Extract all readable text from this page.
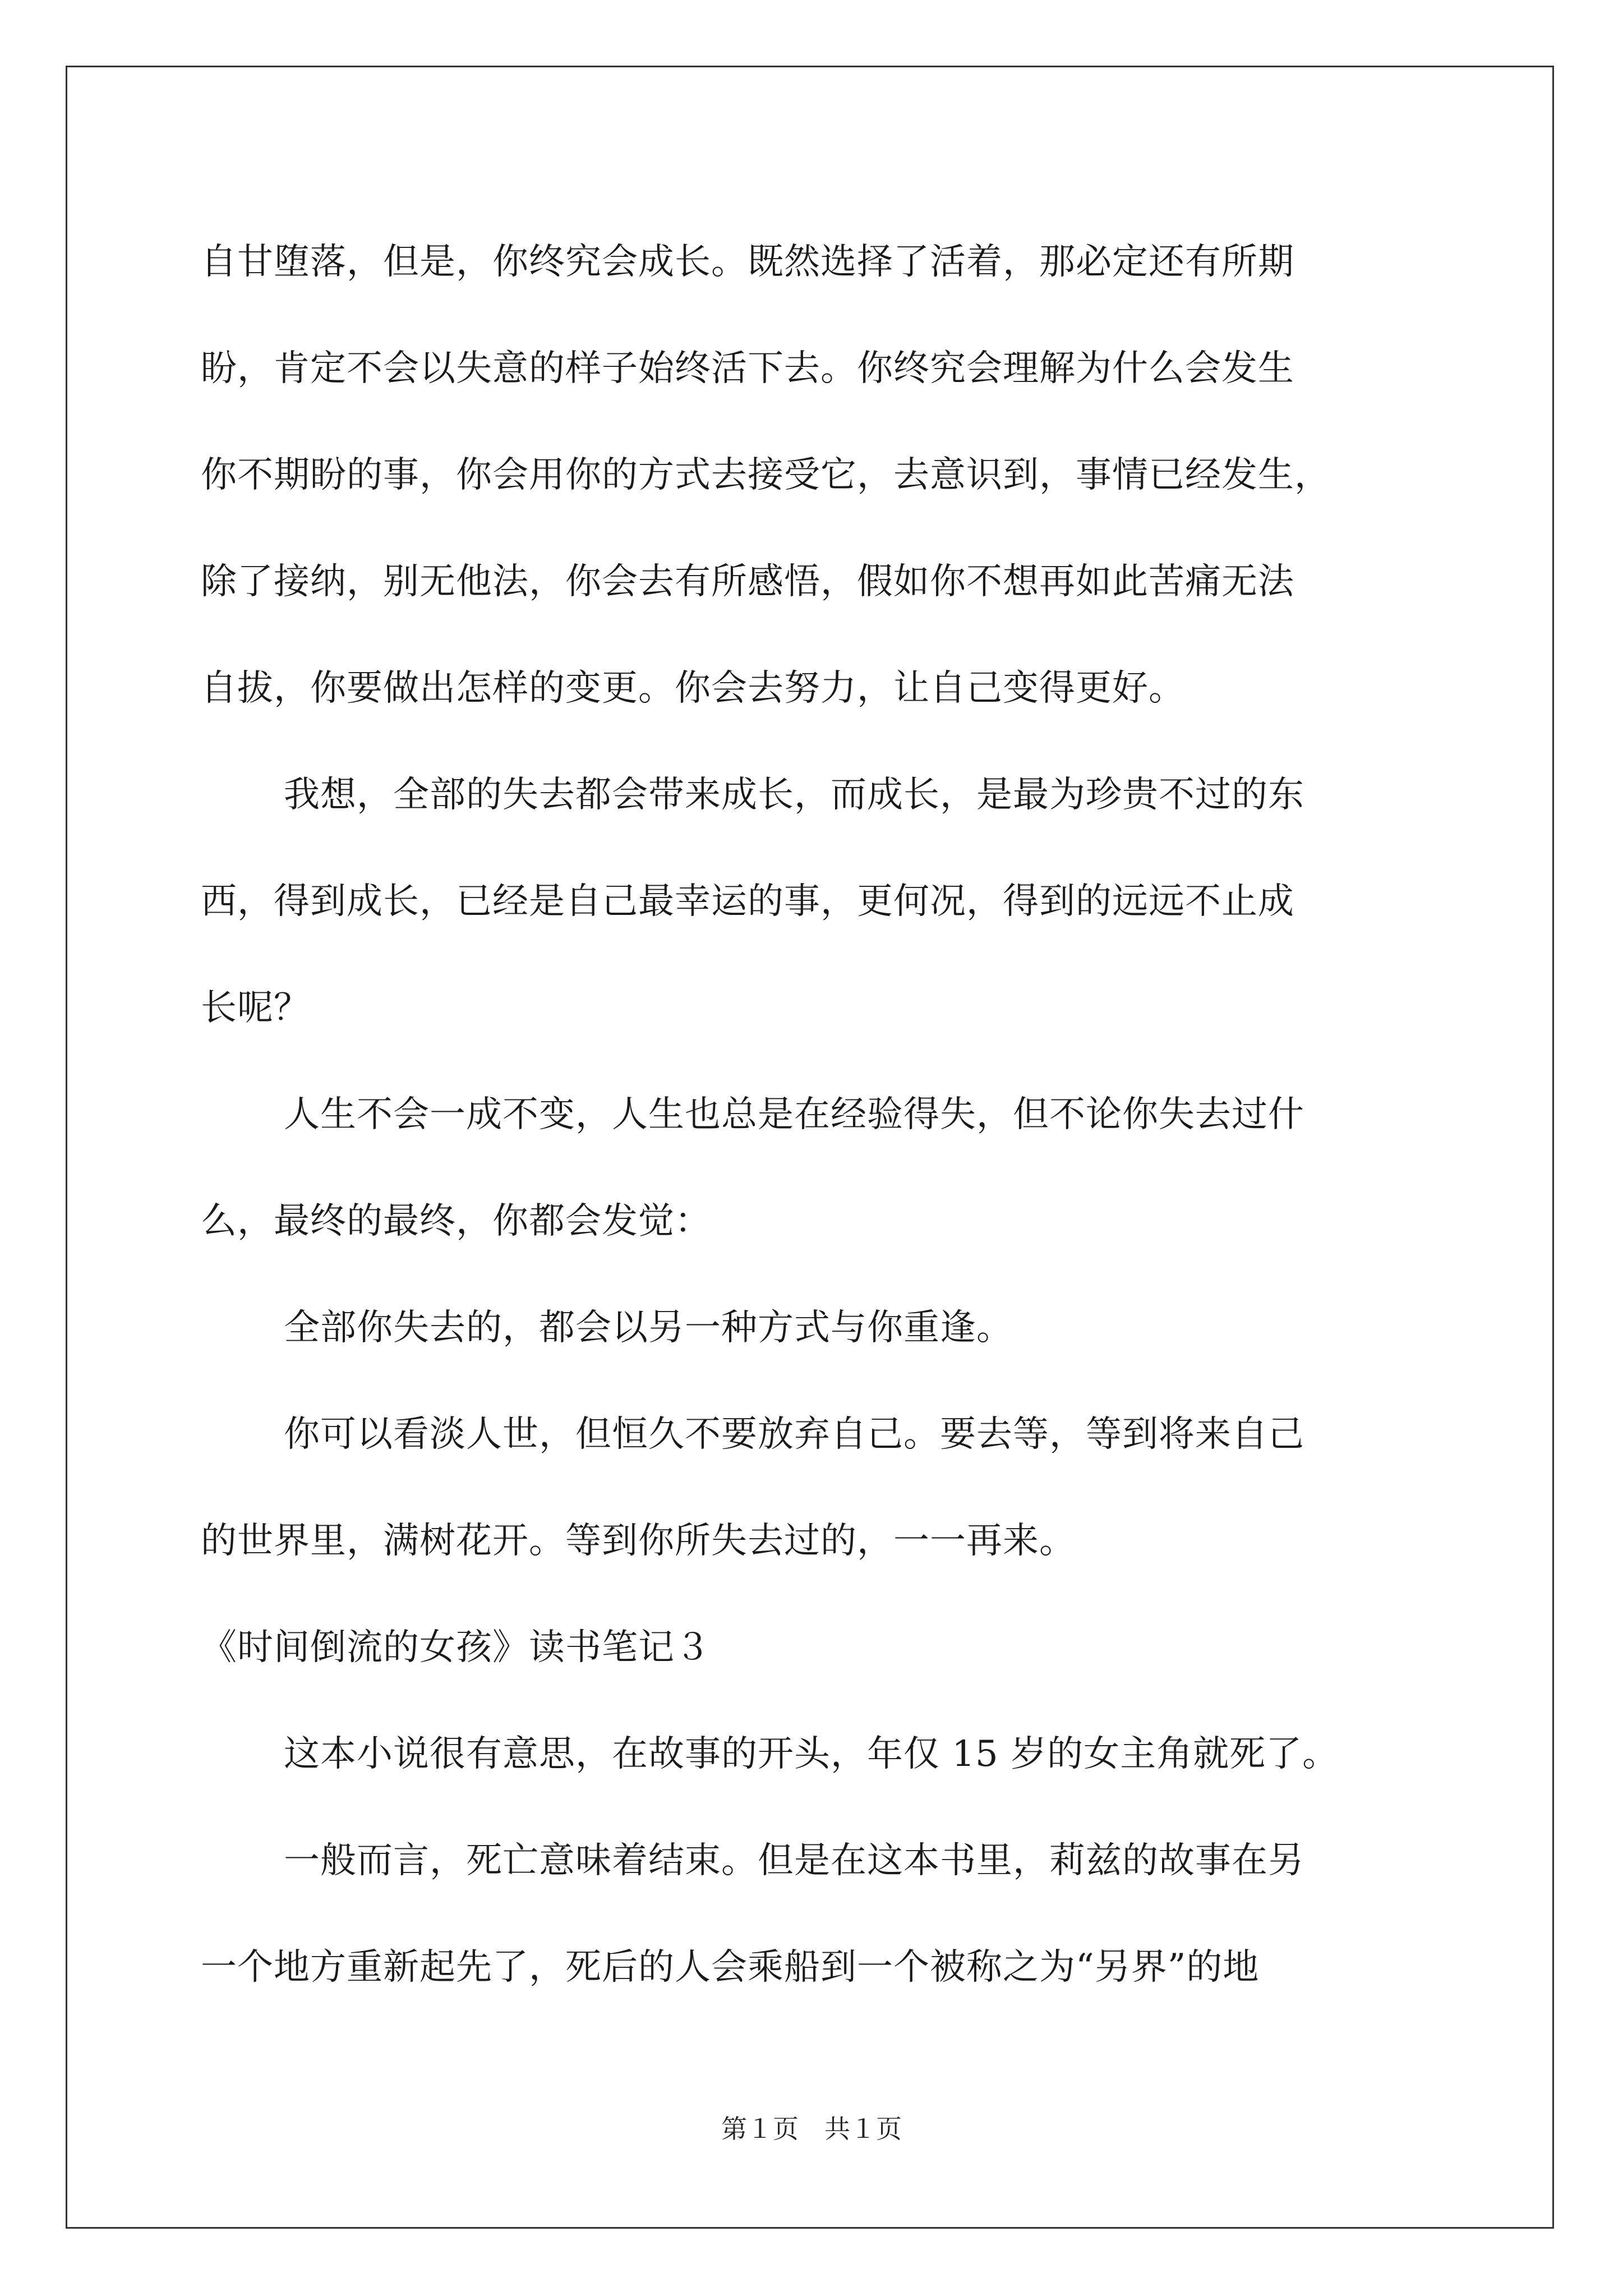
自甘堕落，但是，你终究会成长。既然选择了活着，那必定还有所期
盼，肯定不会以失意的样子始终活下去。你终究会理解为什么会发生
你不期盼的事，你会用你的方式去接受它，去意识到，事情已经发生，
除了接纳，别无他法，你会去有所感悟，假如你不想再如此苦痛无法
自拔，你要做出怎样的变更。你会去努力，让自己变得更好。
我想，全部的失去都会带来成长，而成长，是最为珍贵不过的东
西，得到成长，已经是自己最幸运的事，更何况，得到的远远不止成
长呢？
人生不会一成不变，人生也总是在经验得失，但不论你失去过什
么，最终的最终，你都会发觉：
全部你失去的，都会以另一种方式与你重逢。
你可以看淡人世，但恒久不要放弃自己。要去等，等到将来自己
的世界里，满树花开。等到你所失去过的，一一再来。
《时间倒流的女孩》读书笔记３
这本小说很有意思，在故事的开头，年仅 15 岁的女主角就死了。
一般而言，死亡意味着结束。但是在这本书里，莉兹的故事在另
一个地方重新起先了，死后的人会乘船到一个被称之为“另界”的地
第１页　共１页
